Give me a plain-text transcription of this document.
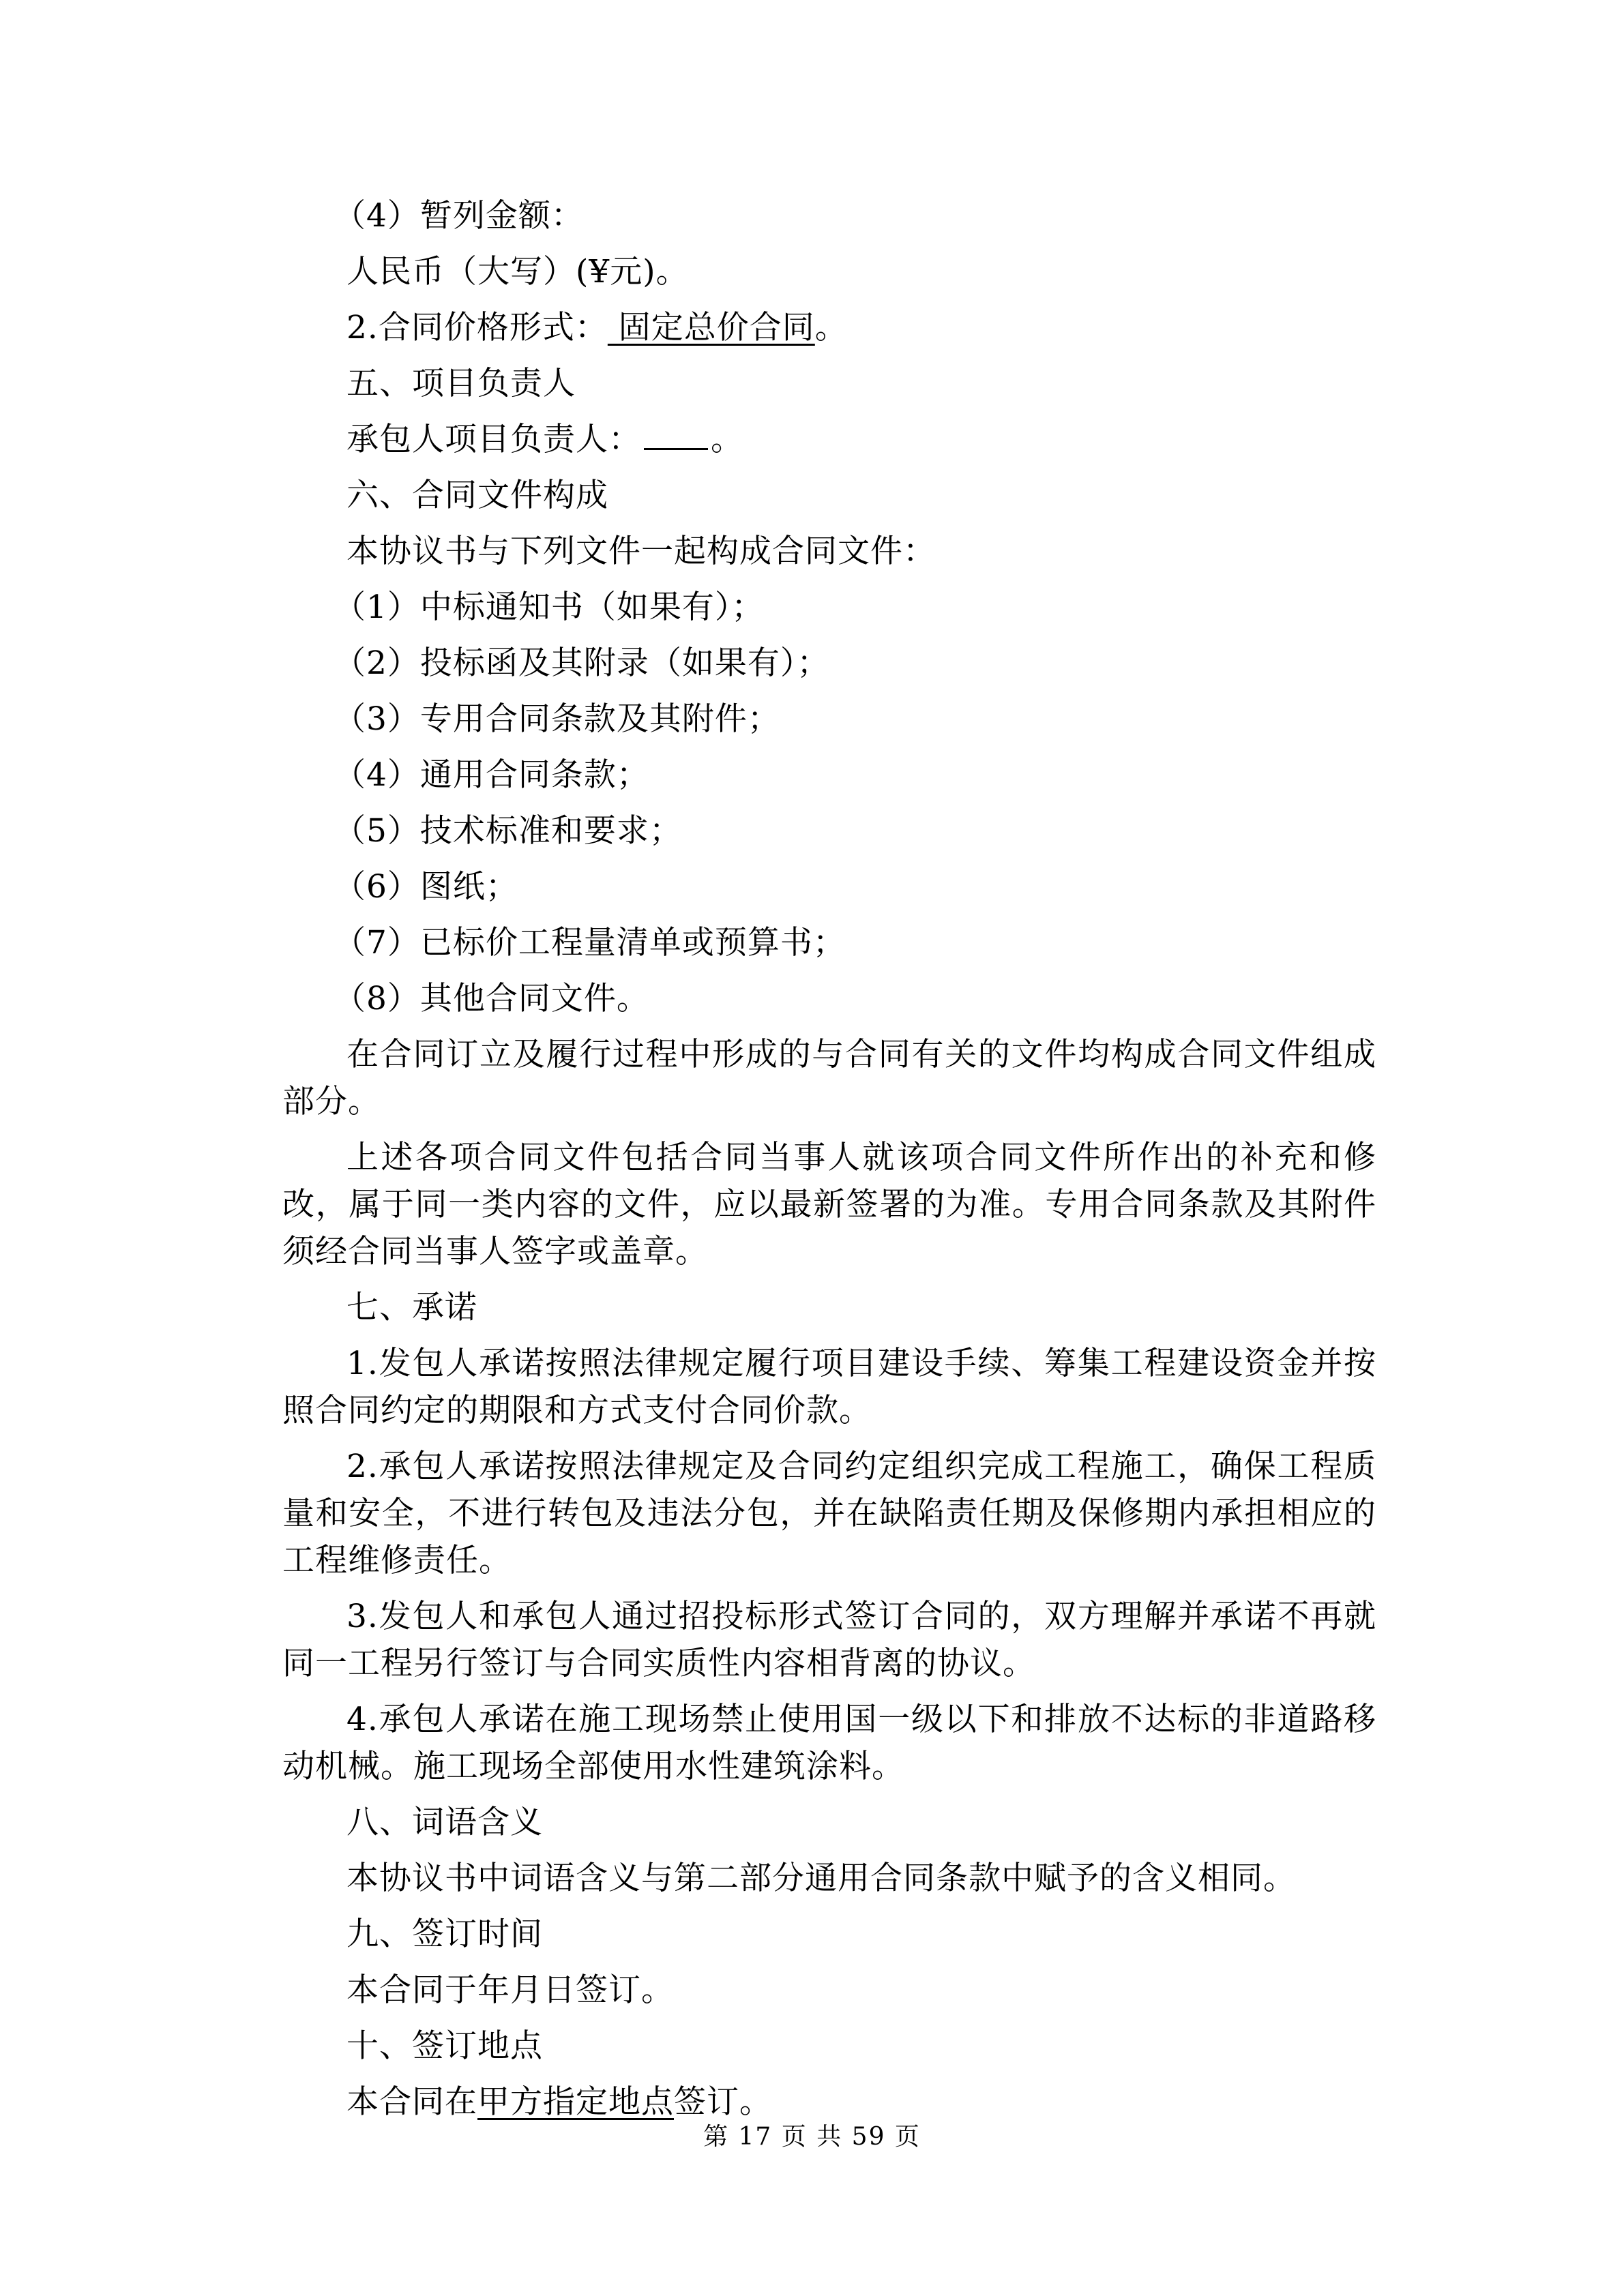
（4）暂列金额：

人民币（大写）(¥元)。

2.合同价格形式： 固定总价合同。

五、项目负责人

承包人项目负责人： 。

六、合同文件构成

本协议书与下列文件一起构成合同文件：

（1）中标通知书（如果有）；

（2）投标函及其附录（如果有）；

（3）专用合同条款及其附件；

（4）通用合同条款；

（5）技术标准和要求；

（6）图纸；

（7）已标价工程量清单或预算书；

（8）其他合同文件。

在合同订立及履行过程中形成的与合同有关的文件均构成合同文件组成部分。

上述各项合同文件包括合同当事人就该项合同文件所作出的补充和修改，属于同一类内容的文件，应以最新签署的为准。专用合同条款及其附件须经合同当事人签字或盖章。

七、承诺

1.发包人承诺按照法律规定履行项目建设手续、筹集工程建设资金并按照合同约定的期限和方式支付合同价款。

2.承包人承诺按照法律规定及合同约定组织完成工程施工，确保工程质量和安全，不进行转包及违法分包，并在缺陷责任期及保修期内承担相应的工程维修责任。

3.发包人和承包人通过招投标形式签订合同的，双方理解并承诺不再就同一工程另行签订与合同实质性内容相背离的协议。

4.承包人承诺在施工现场禁止使用国一级以下和排放不达标的非道路移动机械。施工现场全部使用水性建筑涂料。

八、词语含义

本协议书中词语含义与第二部分通用合同条款中赋予的含义相同。

九、签订时间

本合同于年月日签订。

十、签订地点

本合同在甲方指定地点签订。

第 17 页 共 59 页
